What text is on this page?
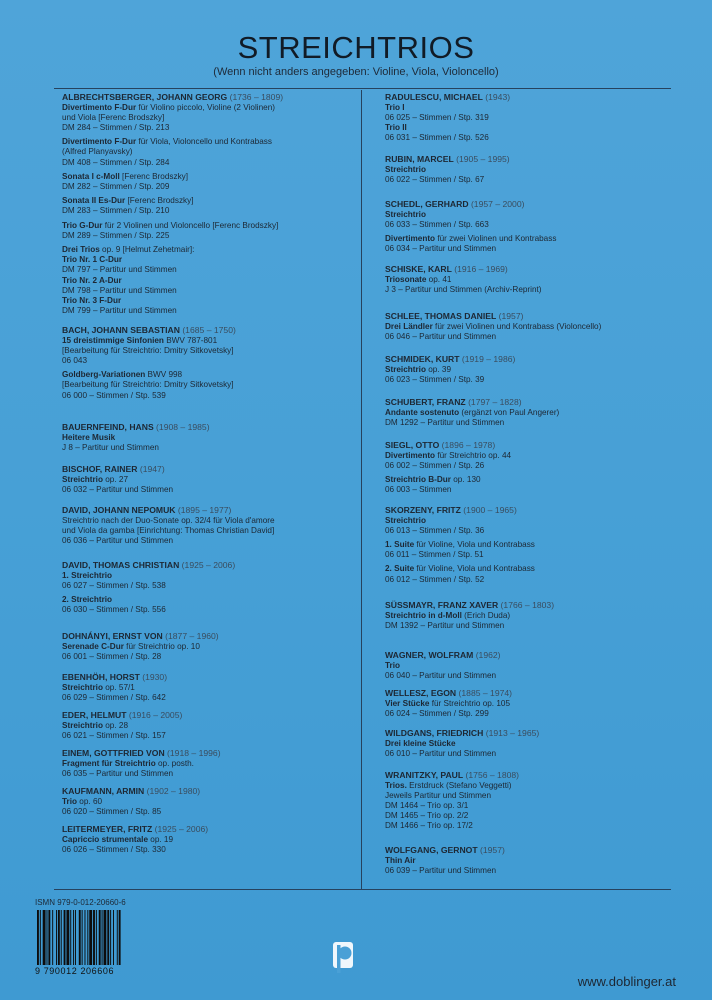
STREICHTRIOS
(Wenn nicht anders angegeben: Violine, Viola, Violoncello)
ALBRECHTSBERGER, JOHANN GEORG (1736 – 1809)
Divertimento F-Dur für Violino piccolo, Violine (2 Violinen)
und Viola [Ferenc Brodszky]
DM 284 – Stimmen / Stp. 213
Divertimento F-Dur für Viola, Violoncello und Kontrabass
(Alfred Planyavsky)
DM 408 – Stimmen / Stp. 284
Sonata I c-Moll [Ferenc Brodszky]
DM 282 – Stimmen / Stp. 209
Sonata II Es-Dur [Ferenc Brodszky]
DM 283 – Stimmen / Stp. 210
Trio G-Dur für 2 Violinen und Violoncello [Ferenc Brodszky]
DM 289 – Stimmen / Stp. 225
Drei Trios op. 9 [Helmut Zehetmair]:
Trio Nr. 1 C-Dur
DM 797 – Partitur und Stimmen
Trio Nr. 2 A-Dur
DM 798 – Partitur und Stimmen
Trio Nr. 3 F-Dur
DM 799 – Partitur und Stimmen
BACH, JOHANN SEBASTIAN (1685 – 1750)
15 dreistimmige Sinfonien BWV 787-801
[Bearbeitung für Streichtrio: Dmitry Sitkovetsky]
06 043
Goldberg-Variationen BWV 998
[Bearbeitung für Streichtrio: Dmitry Sitkovetsky]
06 000 – Stimmen / Stp. 539
BAUERNFEIND, HANS (1908 – 1985)
Heitere Musik
J 8 – Partitur und Stimmen
BISCHOF, RAINER (1947)
Streichtrio op. 27
06 032 – Partitur und Stimmen
DAVID, JOHANN NEPOMUK (1895 – 1977)
Streichtrio nach der Duo-Sonate op. 32/4 für Viola d'amore
und Viola da gamba [Einrichtung: Thomas Christian David]
06 036 – Partitur und Stimmen
DAVID, THOMAS CHRISTIAN (1925 – 2006)
1. Streichtrio
06 027 – Stimmen / Stp. 538
2. Streichtrio
06 030 – Stimmen / Stp. 556
DOHNÁNYI, ERNST VON (1877 – 1960)
Serenade C-Dur für Streichtrio op. 10
06 001 – Stimmen / Stp. 28
EBENHÖH, HORST (1930)
Streichtrio op. 57/1
06 029 – Stimmen / Stp. 642
EDER, HELMUT (1916 – 2005)
Streichtrio op. 28
06 021 – Stimmen / Stp. 157
EINEM, GOTTFRIED VON (1918 – 1996)
Fragment für Streichtrio op. posth.
06 035 – Partitur und Stimmen
KAUFMANN, ARMIN (1902 – 1980)
Trio op. 60
06 020 – Stimmen / Stp. 85
LEITERMEYER, FRITZ (1925 – 2006)
Capriccio strumentale op. 19
06 026 – Stimmen / Stp. 330
RADULESCU, MICHAEL (1943)
Trio I
06 025 – Stimmen / Stp. 319
Trio II
06 031 – Stimmen / Stp. 526
RUBIN, MARCEL (1905 – 1995)
Streichtrio
06 022 – Stimmen / Stp. 67
SCHEDL, GERHARD (1957 – 2000)
Streichtrio
06 033 – Stimmen / Stp. 663
Divertimento für zwei Violinen und Kontrabass
06 034 – Partitur und Stimmen
SCHISKE, KARL (1916 – 1969)
Triosonate op. 41
J 3 – Partitur und Stimmen (Archiv-Reprint)
SCHLEE, THOMAS DANIEL (1957)
Drei Ländler für zwei Violinen und Kontrabass (Violoncello)
06 046 – Partitur und Stimmen
SCHMIDEK, KURT (1919 – 1986)
Streichtrio op. 39
06 023 – Stimmen / Stp. 39
SCHUBERT, FRANZ (1797 – 1828)
Andante sostenuto (ergänzt von Paul Angerer)
DM 1292 – Partitur und Stimmen
SIEGL, OTTO (1896 – 1978)
Divertimento für Streichtrio op. 44
06 002 – Stimmen / Stp. 26
Streichtrio B-Dur op. 130
06 003 – Stimmen
SKORZENY, FRITZ (1900 – 1965)
Streichtrio
06 013 – Stimmen / Stp. 36
1. Suite für Violine, Viola und Kontrabass
06 011 – Stimmen / Stp. 51
2. Suite für Violine, Viola und Kontrabass
06 012 – Stimmen / Stp. 52
SÜSSMAYR, FRANZ XAVER (1766 – 1803)
Streichtrio in d-Moll (Erich Duda)
DM 1392 – Partitur und Stimmen
WAGNER, WOLFRAM (1962)
Trio
06 040 – Partitur und Stimmen
WELLESZ, EGON (1885 – 1974)
Vier Stücke für Streichtrio op. 105
06 024 – Stimmen / Stp. 299
WILDGANS, FRIEDRICH (1913 – 1965)
Drei kleine Stücke
06 010 – Partitur und Stimmen
WRANITZKY, PAUL (1756 – 1808)
Trios. Erstdruck (Stefano Veggetti)
Jeweils Partitur und Stimmen
DM 1464 – Trio op. 3/1
DM 1465 – Trio op. 2/2
DM 1466 – Trio op. 17/2
WOLFGANG, GERNOT (1957)
Thin Air
06 039 – Partitur und Stimmen
ISMN 979-0-012-20660-6
9 790012 206606
www.doblinger.at
